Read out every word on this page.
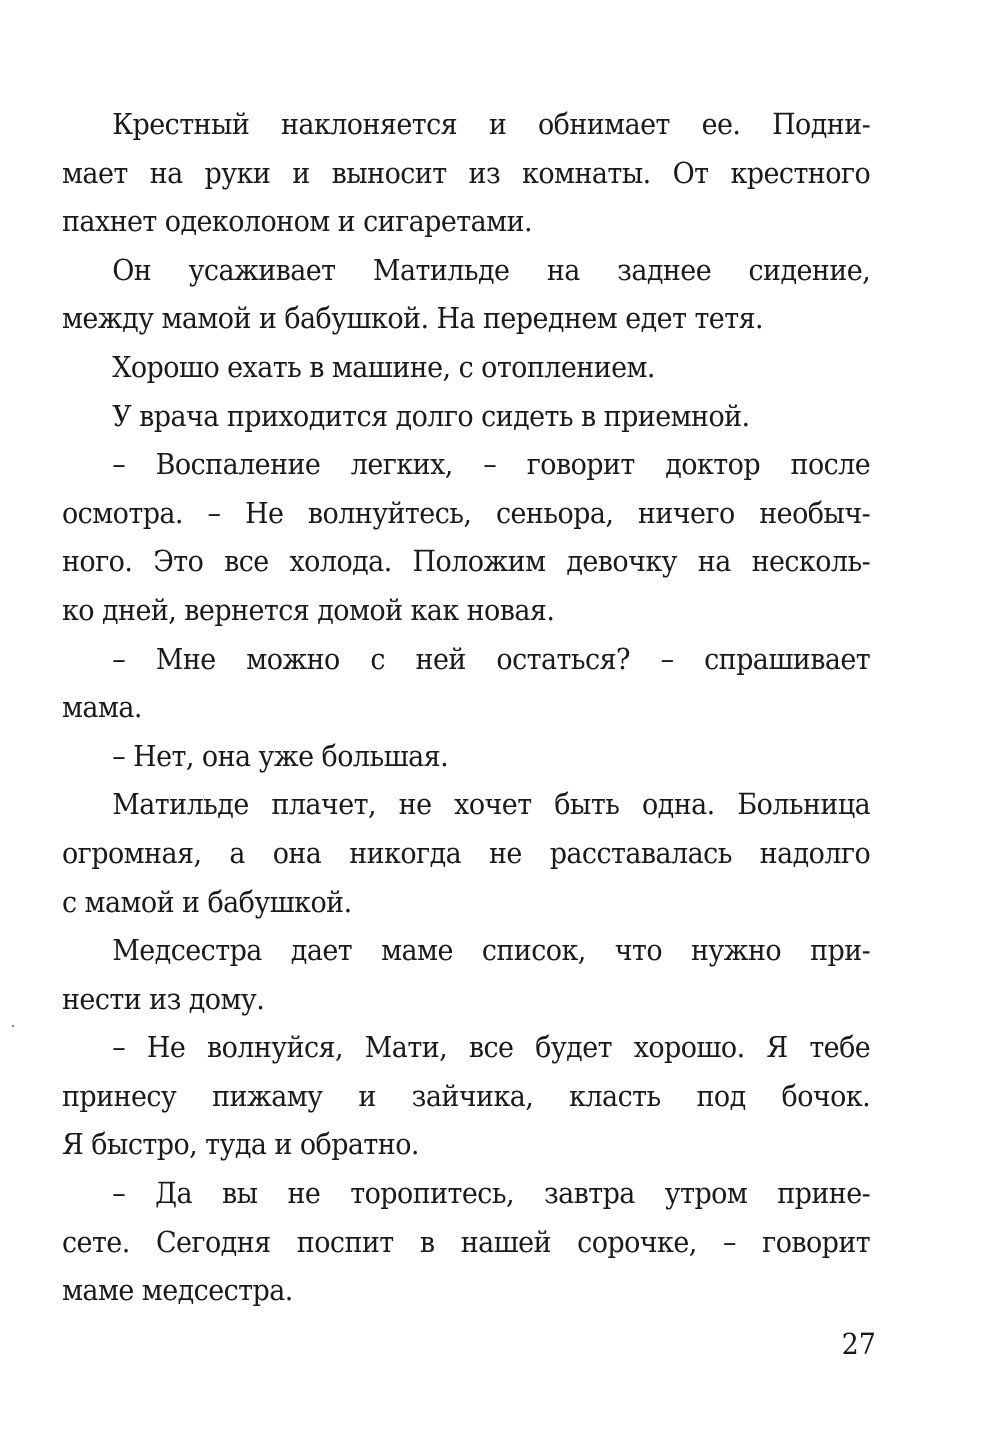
Крестный наклоняется и обнимает ее. Подни-
мает на руки и выносит из комнаты. От крестного
пахнет одеколоном и сигаретами.
Он усаживает Матильде на заднее сидение,
между мамой и бабушкой. На переднем едет тетя.
Хорошо ехать в машине, с отоплением.
У врача приходится долго сидеть в приемной.
– Воспаление легких, – говорит доктор после
осмотра. – Не волнуйтесь, сеньора, ничего необыч-
ного. Это все холода. Положим девочку на несколь-
ко дней, вернется домой как новая.
– Мне можно с ней остаться? – спрашивает
мама.
– Нет, она уже большая.
Матильде плачет, не хочет быть одна. Больница
огромная, а она никогда не расставалась надолго
с мамой и бабушкой.
Медсестра дает маме список, что нужно при-
нести из дому.
– Не волнуйся, Мати, все будет хорошо. Я тебе
принесу пижаму и зайчика, класть под бочок.
Я быстро, туда и обратно.
– Да вы не торопитесь, завтра утром прине-
сете. Сегодня поспит в нашей сорочке, – говорит
маме медсестра.
27
